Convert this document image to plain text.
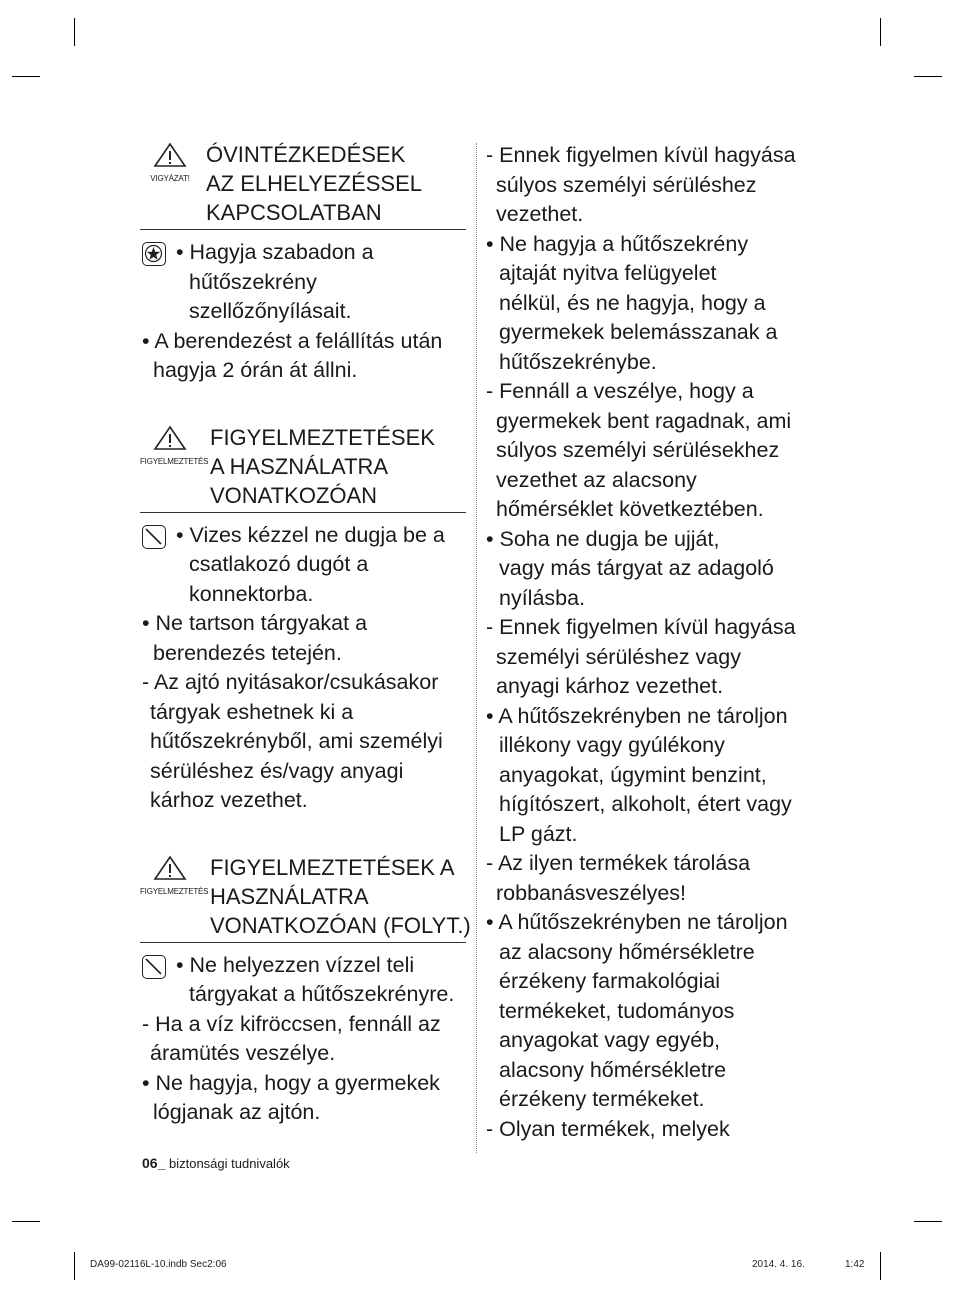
VIGYÁZAT!
ÓVINTÉZKEDÉSEK
AZ ELHELYEZÉSSEL
KAPCSOLATBAN
• Hagyja szabadon a
hűtőszekrény
szellőzőnyílásait.
• A berendezést a felállítás után
hagyja 2 órán át állni.
FIGYELMEZTETÉS
FIGYELMEZTETÉSEK
A HASZNÁLATRA
VONATKOZÓAN
• Vizes kézzel ne dugja be a
csatlakozó dugót a
konnektorba.
• Ne tartson tárgyakat a
berendezés tetején.
- Az ajtó nyitásakor/csukásakor
tárgyak eshetnek ki a
hűtőszekrényből, ami személyi
sérüléshez és/vagy anyagi
kárhoz vezethet.
FIGYELMEZTETÉS
FIGYELMEZTETÉSEK A
HASZNÁLATRA
VONATKOZÓAN (FOLYT.)
• Ne helyezzen vízzel teli
tárgyakat a hűtőszekrényre.
- Ha a víz kifröccsen, fennáll az
áramütés veszélye.
• Ne hagyja, hogy a gyermekek
lógjanak az ajtón.
- Ennek figyelmen kívül hagyása
súlyos személyi sérüléshez
vezethet.
• Ne hagyja a hűtőszekrény
ajtaját nyitva felügyelet
nélkül, és ne hagyja, hogy a
gyermekek belemásszanak a
hűtőszekrénybe.
- Fennáll a veszélye, hogy a
gyermekek bent ragadnak, ami
súlyos személyi sérülésekhez
vezethet az alacsony
hőmérséklet következtében.
• Soha ne dugja be ujját,
vagy más tárgyat az adagoló
nyílásba.
- Ennek figyelmen kívül hagyása
személyi sérüléshez vagy
anyagi kárhoz vezethet.
• A hűtőszekrényben ne tároljon
illékony vagy gyúlékony
anyagokat, úgymint benzint,
hígítószert, alkoholt, étert vagy
LP gázt.
- Az ilyen termékek tárolása
robbanásveszélyes!
• A hűtőszekrényben ne tároljon
az alacsony hőmérsékletre
érzékeny farmakológiai
termékeket, tudományos
anyagokat vagy egyéb,
alacsony hőmérsékletre
érzékeny termékeket.
- Olyan termékek, melyek
06_ biztonsági tudnivalók
DA99-02116L-10.indb Sec2:06	2014. 4. 16.	1:42
